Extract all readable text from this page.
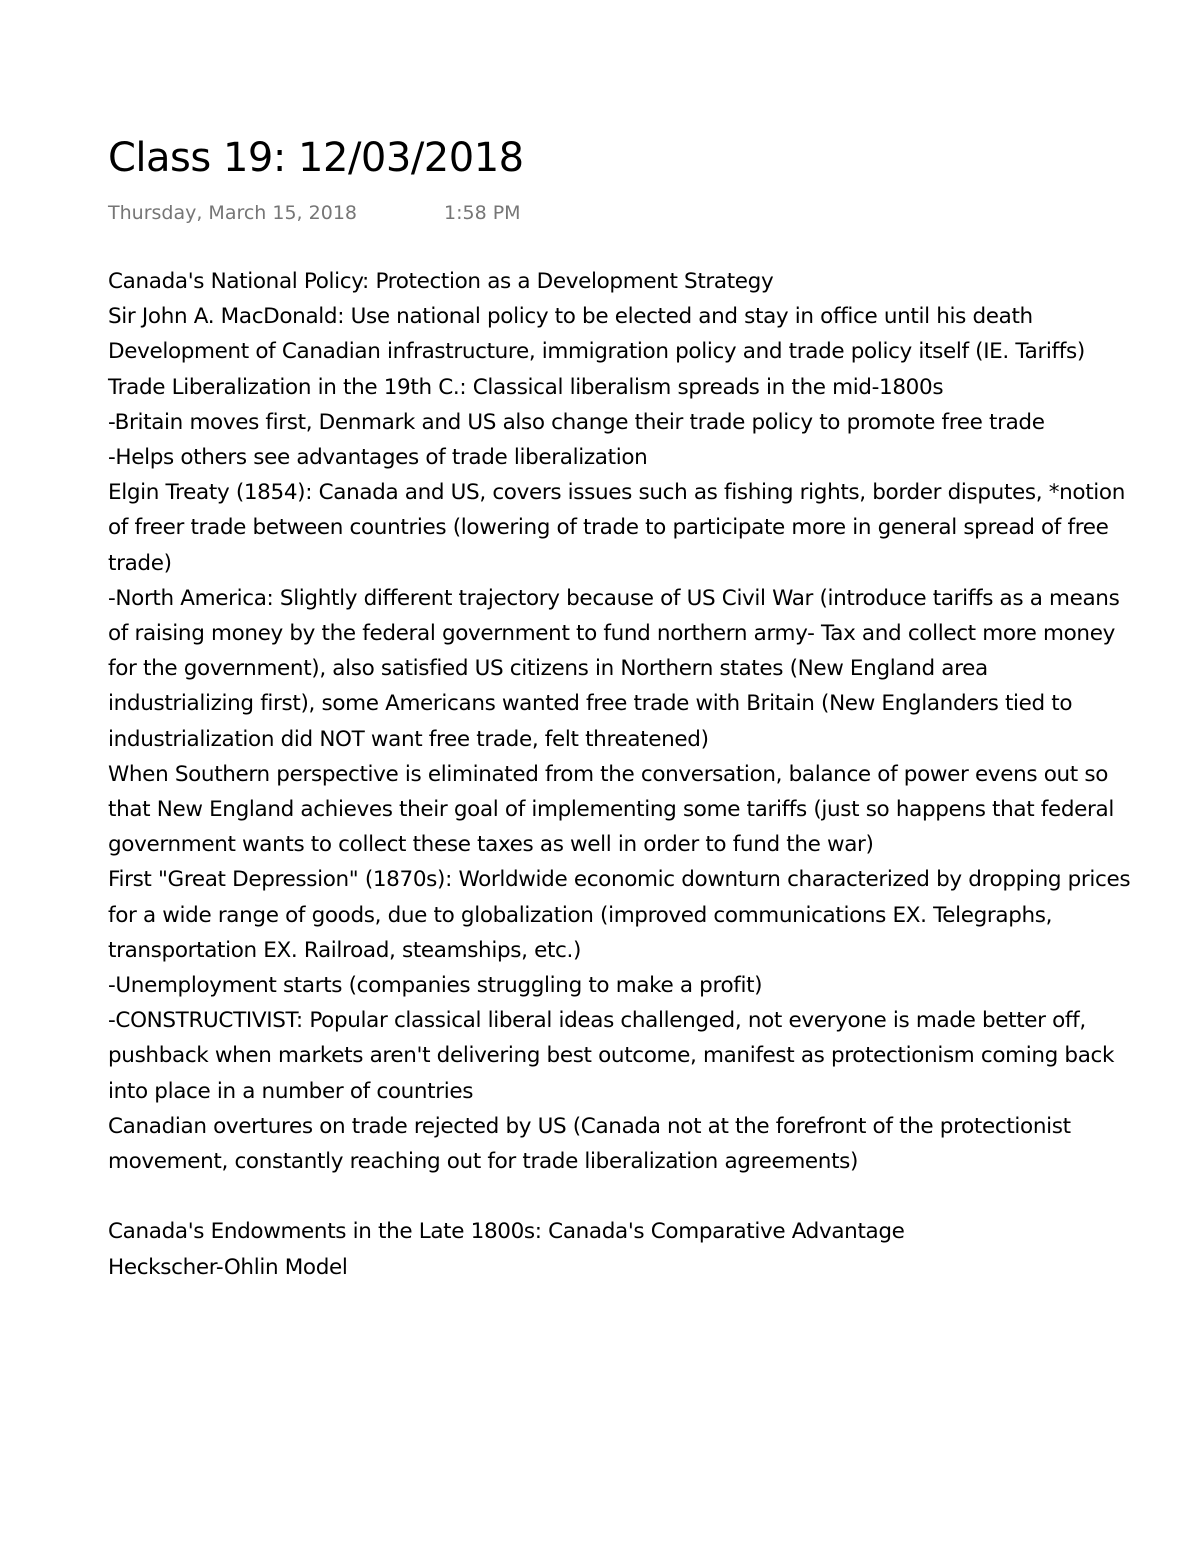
Class 19: 12/03/2018
Thursday, March 15, 2018	1:58 PM

Canada's National Policy: Protection as a Development Strategy

Sir John A. MacDonald: Use national policy to be elected and stay in office until his death

Development of Canadian infrastructure, immigration policy and trade policy itself (IE. Tariffs)

Trade Liberalization in the 19th C.: Classical liberalism spreads in the mid-1800s

-Britain moves first, Denmark and US also change their trade policy to promote free trade

-Helps others see advantages of trade liberalization

Elgin Treaty (1854): Canada and US, covers issues such as fishing rights, border disputes, *notion of freer trade between countries (lowering of trade to participate more in general spread of free trade)

-North America: Slightly different trajectory because of US Civil War (introduce tariffs as a means of raising money by the federal government to fund northern army- Tax and collect more money for the government), also satisfied US citizens in Northern states (New England area industrializing first), some Americans wanted free trade with Britain (New Englanders tied to industrialization did NOT want free trade, felt threatened)

When Southern perspective is eliminated from the conversation, balance of power evens out so that New England achieves their goal of implementing some tariffs (just so happens that federal government wants to collect these taxes as well in order to fund the war)

First "Great Depression" (1870s): Worldwide economic downturn characterized by dropping prices for a wide range of goods, due to globalization (improved communications EX. Telegraphs, transportation EX. Railroad, steamships, etc.)

-Unemployment starts (companies struggling to make a profit)

-CONSTRUCTIVIST: Popular classical liberal ideas challenged, not everyone is made better off, pushback when markets aren't delivering best outcome, manifest as protectionism coming back into place in a number of countries

Canadian overtures on trade rejected by US (Canada not at the forefront of the protectionist movement, constantly reaching out for trade liberalization agreements)

Canada's Endowments in the Late 1800s: Canada's Comparative Advantage

Heckscher-Ohlin Model
